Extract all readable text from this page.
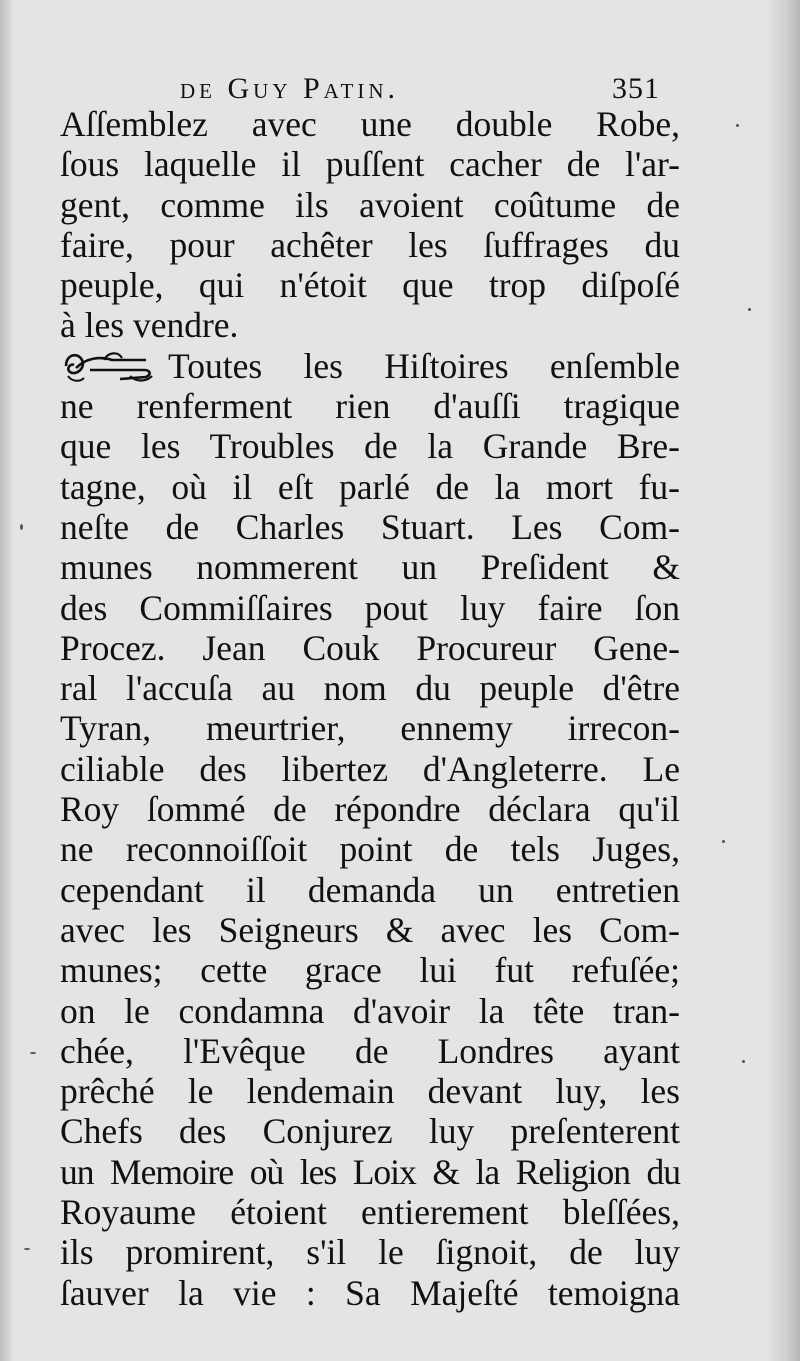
de Guy Patin.	351
Aſſemblez avec une double Robe,
ſous laquelle il puſſent cacher de l'ar-
gent, comme ils avoient coûtume de
faire, pour achêter les ſuffrages du
peuple, qui n'étoit que trop diſpoſé
à les vendre.
Toutes les Hiſtoires enſemble
ne renferment rien d'auſſi tragique
que les Troubles de la Grande Bre-
tagne, où il eſt parlé de la mort fu-
neſte de Charles Stuart. Les Com-
munes nommerent un Preſident &
des Commiſſaires pout luy faire ſon
Procez. Jean Couk Procureur Gene-
ral l'accuſa au nom du peuple d'être
Tyran, meurtrier, ennemy irrecon-
ciliable des libertez d'Angleterre. Le
Roy ſommé de répondre déclara qu'il
ne reconnoiſſoit point de tels Juges,
cependant il demanda un entretien
avec les Seigneurs & avec les Com-
munes; cette grace lui fut refuſée;
on le condamna d'avoir la tête tran-
chée, l'Evêque de Londres ayant
prêché le lendemain devant luy, les
Chefs des Conjurez luy preſenterent
un Memoire où les Loix & la Religion du
Royaume étoient entierement bleſſées,
ils promirent, s'il le ſignoit, de luy
ſauver la vie : Sa Majeſté temoigna
